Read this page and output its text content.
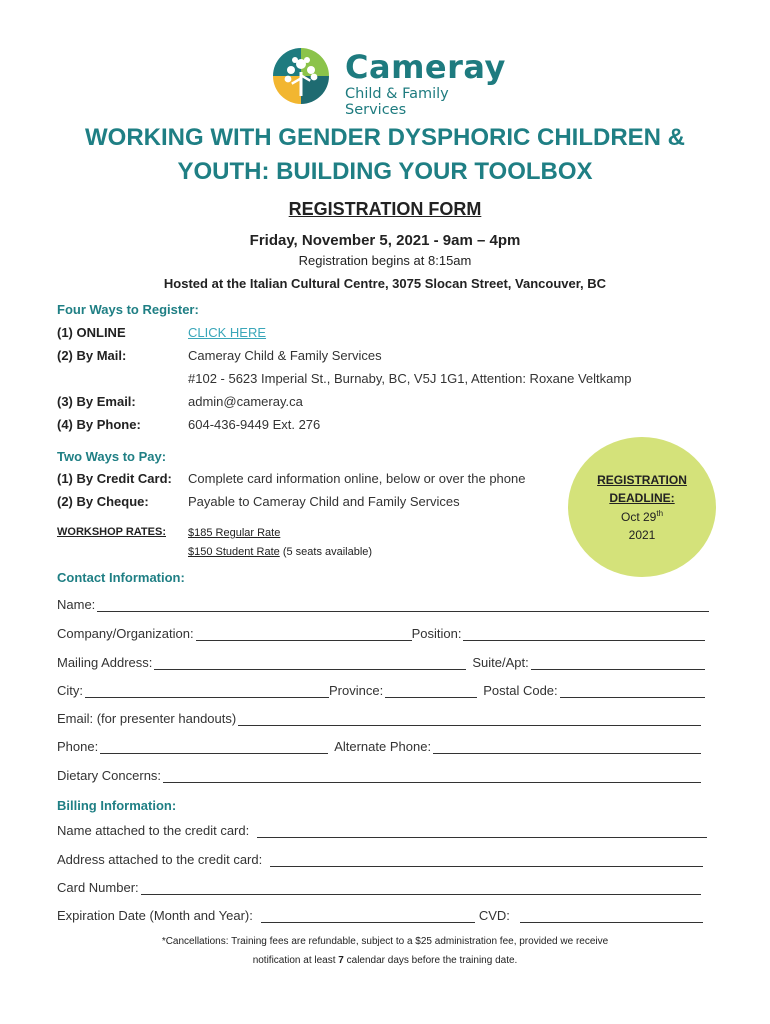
Cameray
Child & Family Services
WORKING WITH GENDER DYSPHORIC CHILDREN &
YOUTH: BUILDING YOUR TOOLBOX
REGISTRATION FORM
Friday, November 5, 2021 - 9am – 4pm
Registration begins at 8:15am
Hosted at the Italian Cultural Centre, 3075 Slocan Street, Vancouver, BC
Four Ways to Register:
(1) ONLINE	CLICK HERE
(2) By Mail:	Cameray Child & Family Services
#102 - 5623 Imperial St., Burnaby, BC, V5J 1G1, Attention: Roxane Veltkamp
(3) By Email:	admin@cameray.ca
(4) By Phone:	604-436-9449 Ext. 276
Two Ways to Pay:
(1) By Credit Card: Complete card information online, below or over the phone
(2) By Cheque:	Payable to Cameray Child and Family Services
WORKSHOP RATES: $185 Regular Rate
$150 Student Rate (5 seats available)
REGISTRATION
DEADLINE:
Oct 29th
2021
Contact Information:
Name:
Company/Organization:	Position:
Mailing Address:	Suite/Apt:
City:	Province:	Postal Code:
Email: (for presenter handouts)
Phone:	Alternate Phone:
Dietary Concerns:
Billing Information:
Name attached to the credit card:
Address attached to the credit card:
Card Number:
Expiration Date (Month and Year):	CVD:
*Cancellations: Training fees are refundable, subject to a $25 administration fee, provided we receive
notification at least 7 calendar days before the training date.
